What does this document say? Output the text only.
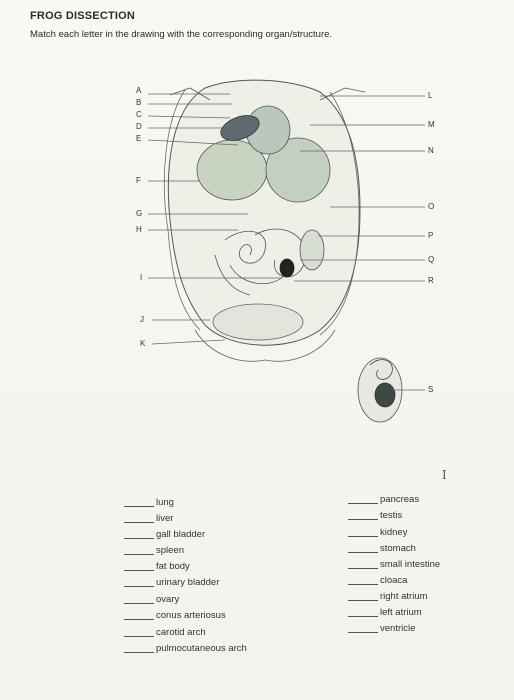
FROG DISSECTION
Match each letter in the drawing with the corresponding organ/structure.
A
B
C
D
E
F
G
H
I
J
K
L
M
N
O
P
Q
R
S
I
lung
liver
gall bladder
spleen
fat body
urinary bladder
ovary
conus arteriosus
carotid arch
pulmocutaneous arch
pancreas
testis
kidney
stomach
small intestine
cloaca
right atrium
left atrium
ventricle
